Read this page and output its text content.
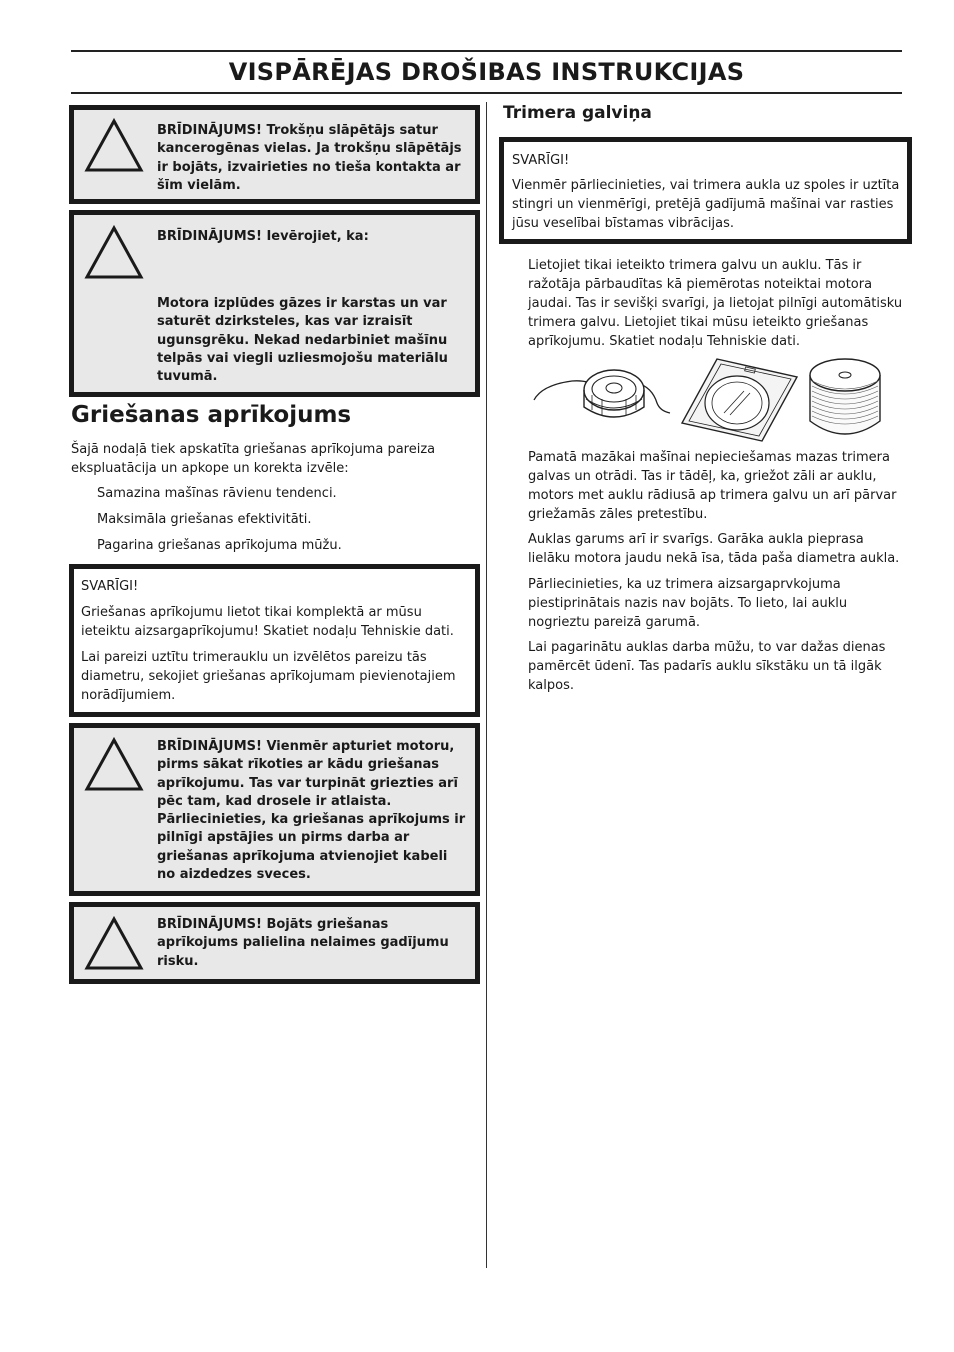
VISPĀRĒJAS DROŠIBAS INSTRUKCIJAS
BRĪDINĀJUMS! Trokšņu slāpētājs satur kancerogēnas vielas. Ja trokšņu slāpētājs ir bojāts, izvairieties no tieša kontakta ar šīm vielām.
BRĪDINĀJUMS! Ievērojiet, ka:
Motora izplūdes gāzes ir karstas un var saturēt dzirksteles, kas var izraisīt ugunsgrēku. Nekad nedarbiniet mašīnu telpās vai viegli uzliesmojošu materiālu tuvumā.
Griešanas aprīkojums
Šajā nodaļā tiek apskatīta griešanas aprīkojuma pareiza ekspluatācija un apkope un korekta izvēle:
Samazina mašīnas rāvienu tendenci.
Maksimāla griešanas efektivitāti.
Pagarina griešanas aprīkojuma mūžu.
SVARĪGI!

Griešanas aprīkojumu lietot tikai komplektā ar mūsu ieteiktu aizsargaprīkojumu! Skatiet nodaļu Tehniskie dati.

Lai pareizi uztītu trimerauklu un izvēlētos pareizu tās diametru, sekojiet griešanas aprīkojumam pievienotajiem norādījumiem.

BRĪDINĀJUMS! Vienmēr apturiet motoru, pirms sākat rīkoties ar kādu griešanas aprīkojumu. Tas var turpināt griezties arī pēc tam, kad drosele ir atlaista. Pārliecinieties, ka griešanas aprīkojums ir pilnīgi apstājies un pirms darba ar griešanas aprīkojuma atvienojiet kabeli no aizdedzes sveces.
BRĪDINĀJUMS! Bojāts griešanas aprīkojums palielina nelaimes gadījumu risku.
Trimera galviņa
SVARĪGI!

Vienmēr pārliecinieties, vai trimera aukla uz spoles ir uztīta stingri un vienmērīgi, pretējā gadījumā mašīnai var rasties jūsu veselībai bīstamas vibrācijas.

Lietojiet tikai ieteikto trimera galvu un auklu. Tās ir ražotāja pārbaudītas kā piemērotas noteiktai motora jaudai. Tas ir sevišķi svarīgi, ja lietojat pilnīgi automātisku trimera galvu. Lietojiet tikai mūsu ieteikto griešanas aprīkojumu. Skatiet nodaļu Tehniskie dati.
Pamatā mazākai mašīnai nepieciešamas mazas trimera galvas un otrādi. Tas ir tādēļ, ka, griežot zāli ar auklu, motors met auklu rādiusā ap trimera galvu un arī pārvar griežamās zāles pretestību.
Auklas garums arī ir svarīgs. Garāka aukla pieprasa lielāku motora jaudu nekā īsa, tāda paša diametra aukla.
Pārliecinieties, ka uz trimera aizsargaprvkojuma piestiprinātais nazis nav bojāts. To lieto, lai auklu nogrieztu pareizā garumā.
Lai pagarinātu auklas darba mūžu, to var dažas dienas pamērcēt ūdenī. Tas padarīs auklu sīkstāku un tā ilgāk kalpos.
